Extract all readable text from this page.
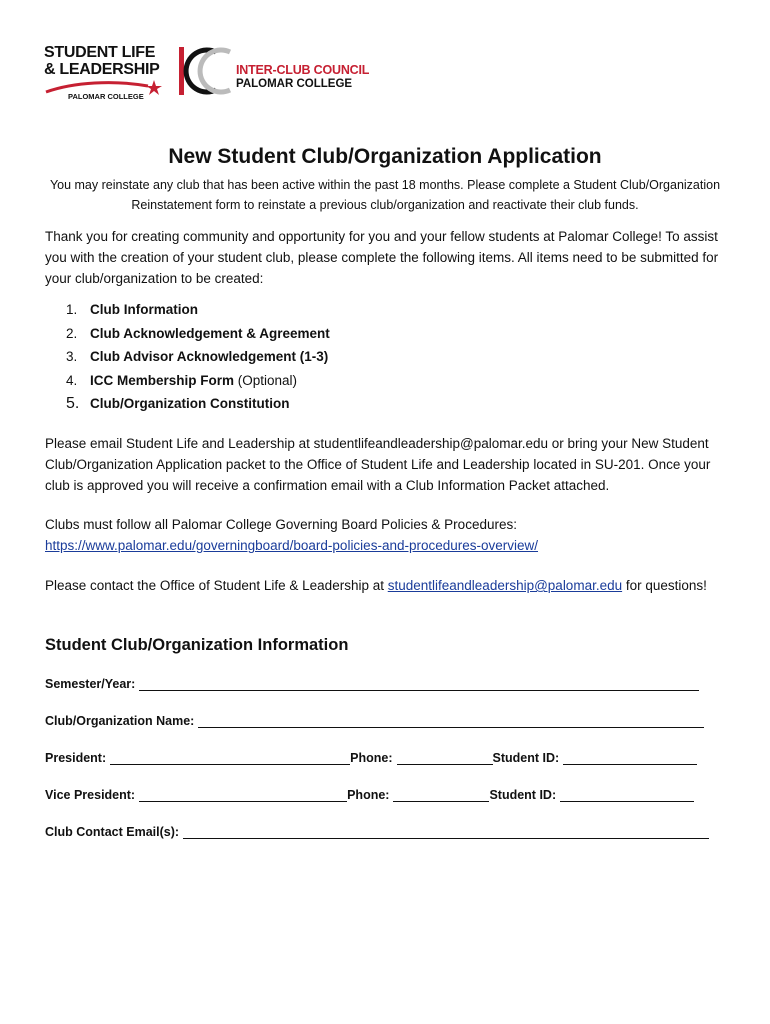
STUDENT LIFE
& LEADERSHIP
PALOMAR COLLEGE
INTER-CLUB COUNCIL
PALOMAR COLLEGE
New Student Club/Organization Application
You may reinstate any club that has been active within the past 18 months. Please complete a Student Club/Organization Reinstatement form to reinstate a previous club/organization and reactivate their club funds.
Thank you for creating community and opportunity for you and your fellow students at Palomar College! To assist you with the creation of your student club, please complete the following items. All items need to be submitted for your club/organization to be created:
1. Club Information
2. Club Acknowledgement & Agreement
3. Club Advisor Acknowledgement (1-3)
4. ICC Membership Form (Optional)
5. Club/Organization Constitution
Please email Student Life and Leadership at studentlifeandleadership@palomar.edu or bring your New Student Club/Organization Application packet to the Office of Student Life and Leadership located in SU-201. Once your club is approved you will receive a confirmation email with a Club Information Packet attached.
Clubs must follow all Palomar College Governing Board Policies & Procedures:
https://www.palomar.edu/governingboard/board-policies-and-procedures-overview/
Please contact the Office of Student Life & Leadership at studentlifeandleadership@palomar.edu for questions!
Student Club/Organization Information
Semester/Year:
Club/Organization Name:
President:	Phone:	Student ID:
Vice President:	Phone:	Student ID:
Club Contact Email(s):
